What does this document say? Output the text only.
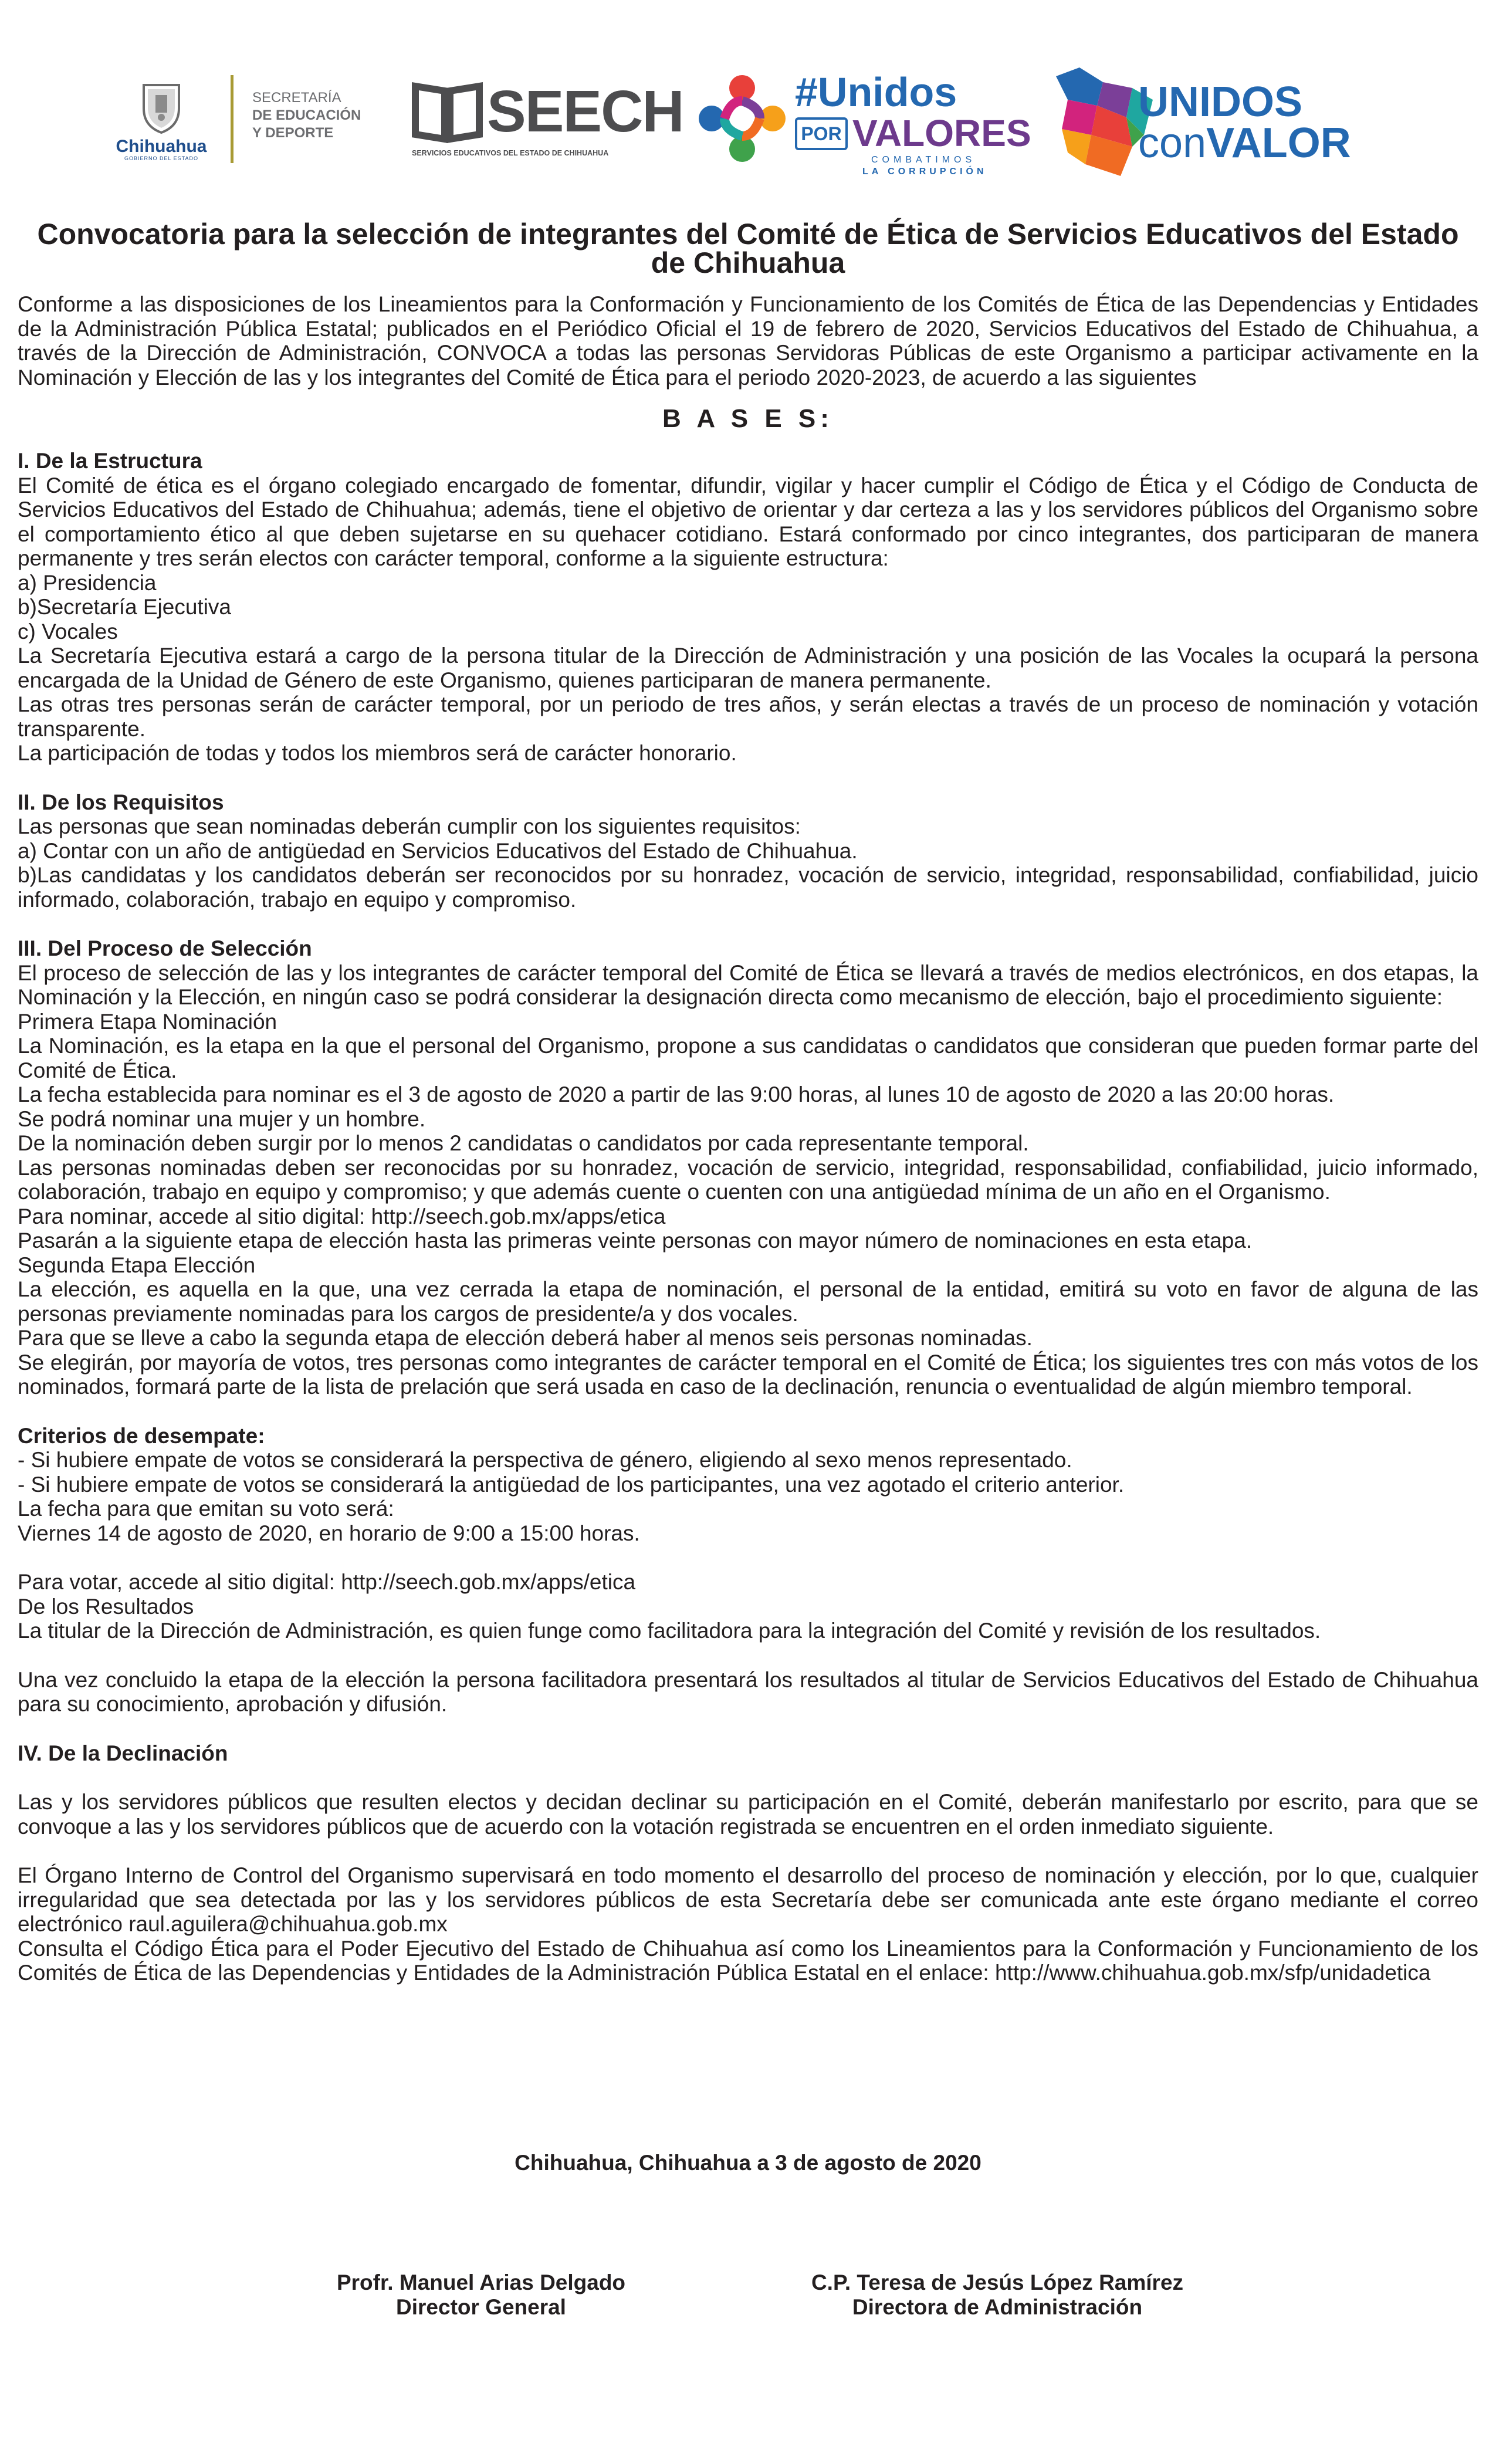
Chihuahua
GOBIERNO DEL ESTADO
SECRETARÍA
DE EDUCACIÓN
Y DEPORTE	SEECH
SERVICIOS EDUCATIVOS DEL ESTADO DE CHIHUAHUA
#Unidos
POR VALORES
COMBATIMOS
LA CORRUPCIÓN
UNIDOS
conVALOR
Convocatoria para la selección de integrantes del Comité de Ética de Servicios Educativos del Estado de Chihuahua

Conforme a las disposiciones de los Lineamientos para la Conformación y Funcionamiento de los Comités de Ética de las Dependencias y Entidades de la Administración Pública Estatal; publicados en el Periódico Oficial el 19 de febrero de 2020, Servicios Educativos del Estado de Chihuahua, a través de la Dirección de Administración, CONVOCA a todas las personas Servidoras Públicas de este Organismo a participar activamente en la Nominación y Elección de las y los integrantes del Comité de Ética para el periodo 2020-2023, de acuerdo a las siguientes

B A S E S:
I. De la Estructura

El Comité de ética es el órgano colegiado encargado de fomentar, difundir, vigilar y hacer cumplir el Código de Ética y el Código de Conducta de Servicios Educativos del Estado de Chihuahua; además, tiene el objetivo de orientar y dar certeza a las y los servidores públicos del Organismo sobre el comportamiento ético al que deben sujetarse en su quehacer cotidiano. Estará conformado por cinco integrantes, dos participaran de manera permanente y tres serán electos con carácter temporal, conforme a la siguiente estructura:

a) Presidencia

b)Secretaría Ejecutiva

c) Vocales

La Secretaría Ejecutiva estará a cargo de la persona titular de la Dirección de Administración y una posición de las Vocales la ocupará la persona encargada de la Unidad de Género de este Organismo, quienes participaran de manera permanente.

Las otras tres personas serán de carácter temporal, por un periodo de tres años, y serán electas a través de un proceso de nominación y votación transparente.

La participación de todas y todos los miembros será de carácter honorario.

II. De los Requisitos

Las personas que sean nominadas deberán cumplir con los siguientes requisitos:

a) Contar con un año de antigüedad en Servicios Educativos del Estado de Chihuahua.

b)Las candidatas y los candidatos deberán ser reconocidos por su honradez, vocación de servicio, integridad, responsabilidad, confiabilidad, juicio informado, colaboración, trabajo en equipo y compromiso.

III. Del Proceso de Selección

El proceso de selección de las y los integrantes de carácter temporal del Comité de Ética se llevará a través de medios electrónicos, en dos etapas, la Nominación y la Elección, en ningún caso se podrá considerar la designación directa como mecanismo de elección, bajo el procedimiento siguiente:

Primera Etapa Nominación

La Nominación, es la etapa en la que el personal del Organismo, propone a sus candidatas o candidatos que consideran que pueden formar parte del Comité de Ética.

La fecha establecida para nominar es el 3 de agosto de 2020 a partir de las 9:00 horas, al lunes 10 de agosto de 2020 a las 20:00 horas.

Se podrá nominar una mujer y un hombre.

De la nominación deben surgir por lo menos 2 candidatas o candidatos por cada representante temporal.

Las personas nominadas deben ser reconocidas por su honradez, vocación de servicio, integridad, responsabilidad, confiabilidad, juicio informado, colaboración, trabajo en equipo y compromiso; y que además cuente o cuenten con una antigüedad mínima de un año en el Organismo.

Para nominar, accede al sitio digital: http://seech.gob.mx/apps/etica

Pasarán a la siguiente etapa de elección hasta las primeras veinte personas con mayor número de nominaciones en esta etapa.

Segunda Etapa Elección

La elección, es aquella en la que, una vez cerrada la etapa de nominación, el personal de la entidad, emitirá su voto en favor de alguna de las personas previamente nominadas para los cargos de presidente/a y dos vocales.

Para que se lleve a cabo la segunda etapa de elección deberá haber al menos seis personas nominadas.

Se elegirán, por mayoría de votos, tres personas como integrantes de carácter temporal en el Comité de Ética; los siguientes tres con más votos de los nominados, formará parte de la lista de prelación que será usada en caso de la declinación, renuncia o eventualidad de algún miembro temporal.

Criterios de desempate:

- Si hubiere empate de votos se considerará la perspectiva de género, eligiendo al sexo menos representado.

- Si hubiere empate de votos se considerará la antigüedad de los participantes, una vez agotado el criterio anterior.

La fecha para que emitan su voto será:

Viernes 14 de agosto de 2020, en horario de 9:00 a 15:00 horas.

Para votar, accede al sitio digital: http://seech.gob.mx/apps/etica

De los Resultados

La titular de la Dirección de Administración, es quien funge como facilitadora para la integración del Comité y revisión de los resultados.

Una vez concluido la etapa de la elección la persona facilitadora presentará los resultados al titular de Servicios Educativos del Estado de Chihuahua para su conocimiento, aprobación y difusión.

IV. De la Declinación

Las y los servidores públicos que resulten electos y decidan declinar su participación en el Comité, deberán manifestarlo por escrito, para que se convoque a las y los servidores públicos que de acuerdo con la votación registrada se encuentren en el orden inmediato siguiente.

El Órgano Interno de Control del Organismo supervisará en todo momento el desarrollo del proceso de nominación y elección, por lo que, cualquier irregularidad que sea detectada por las y los servidores públicos de esta Secretaría debe ser comunicada ante este órgano mediante el correo electrónico raul.aguilera@chihuahua.gob.mx

Consulta el Código Ética para el Poder Ejecutivo del Estado de Chihuahua así como los Lineamientos para la Conformación y Funcionamiento de los Comités de Ética de las Dependencias y Entidades de la Administración Pública Estatal en el enlace: http://www.chihuahua.gob.mx/sfp/unidadetica

Chihuahua, Chihuahua a 3 de agosto de 2020
Profr. Manuel Arias Delgado
Director General
C.P. Teresa de Jesús López Ramírez
Directora de Administración
